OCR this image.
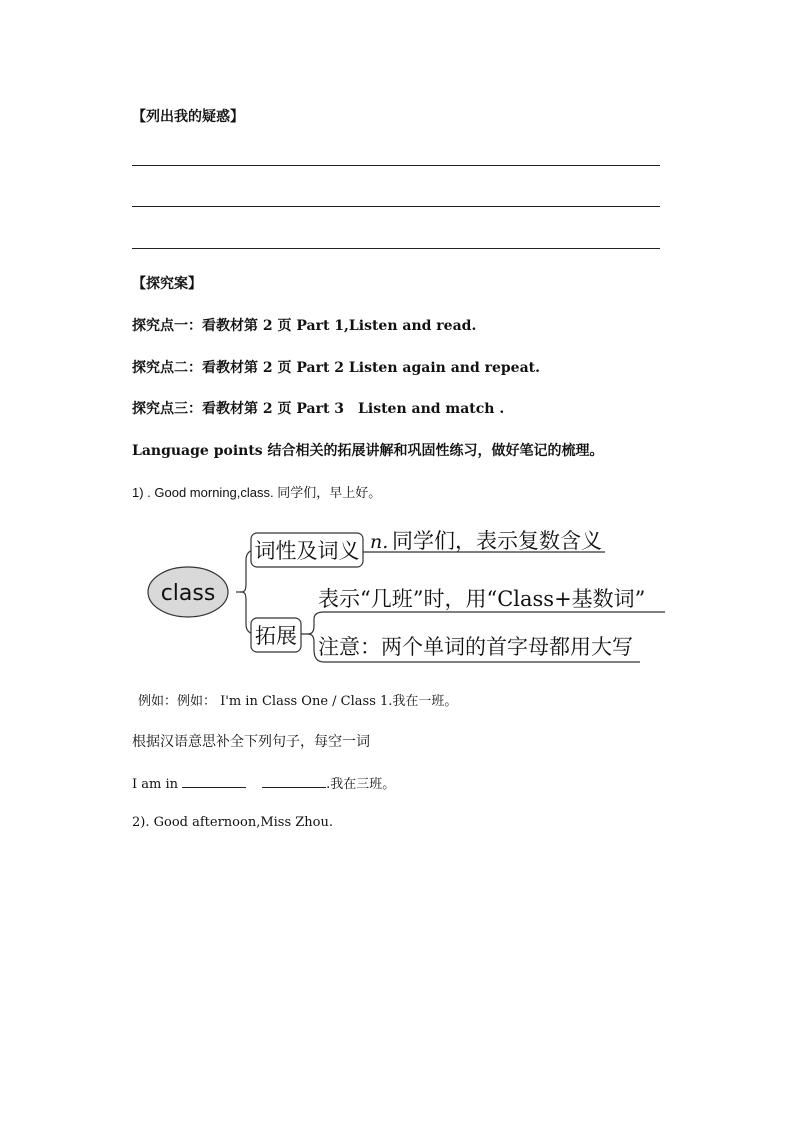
【列出我的疑惑】
【探究案】
探究点一：看教材第 2 页 Part 1,Listen and read.
探究点二：看教材第 2 页 Part 2 Listen again and repeat.
探究点三：看教材第 2 页 Part 3　Listen and match .
Language points 结合相关的拓展讲解和巩固性练习，做好笔记的梳理。
1) . Good morning,class. 同学们，早上好。
class
词性及词义 n. 同学们，表示复数含义
拓展
表示“几班”时，用“Class+基数词”
注意：两个单词的首字母都用大写
例如：例如： I'm in Class One / Class 1.我在一班。
根据汉语意思补全下列句子，每空一词
I am in	.我在三班。
2). Good afternoon,Miss Zhou.
